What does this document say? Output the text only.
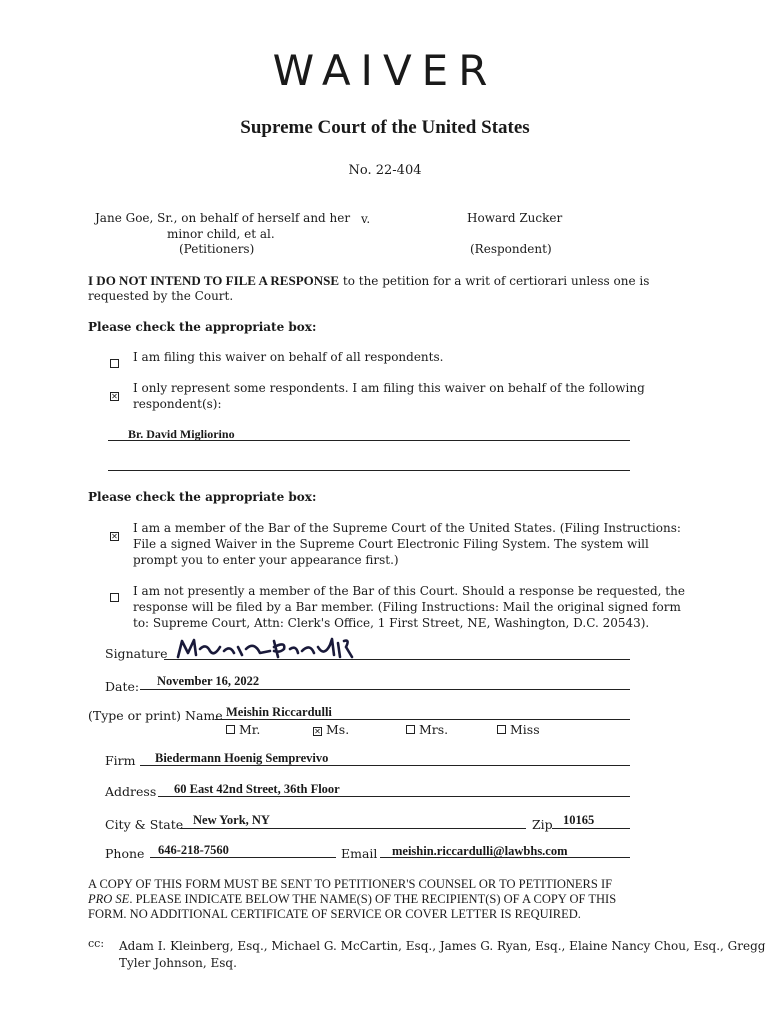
WAIVER
Supreme Court of the United States
No. 22-404
Jane Goe, Sr., on behalf of herself and her
minor child, et al.
(Petitioners)
v.	Howard Zucker
(Respondent)
I DO NOT INTEND TO FILE A RESPONSE to the petition for a writ of certiorari unless one is
requested by the Court.
Please check the appropriate box:
I am filing this waiver on behalf of all respondents.
✕
I only represent some respondents. I am filing this waiver on behalf of the following
respondent(s):
Br. David Migliorino
Please check the appropriate box:
✕
I am a member of the Bar of the Supreme Court of the United States. (Filing Instructions:
File a signed Waiver in the Supreme Court Electronic Filing System. The system will
prompt you to enter your appearance first.)
I am not presently a member of the Bar of this Court. Should a response be requested, the
response will be filed by a Bar member. (Filing Instructions: Mail the original signed form
to: Supreme Court, Attn: Clerk's Office, 1 First Street, NE, Washington, D.C. 20543).
Signature
Date: November 16, 2022
(Type or print) Name Meishin Riccardulli
Mr.	✕ Ms.	Mrs.	Miss
Firm Biedermann Hoenig Semprevivo
Address 60 East 42nd Street, 36th Floor
City & State New York, NY	Zip 10165
Phone 646-218-7560	Email meishin.riccardulli@lawbhs.com
A COPY OF THIS FORM MUST BE SENT TO PETITIONER'S COUNSEL OR TO PETITIONERS IF
PRO SE. PLEASE INDICATE BELOW THE NAME(S) OF THE RECIPIENT(S) OF A COPY OF THIS
FORM. NO ADDITIONAL CERTIFICATE OF SERVICE OR COVER LETTER IS REQUIRED.
cc: Adam I. Kleinberg, Esq., Michael G. McCartin, Esq., James G. Ryan, Esq., Elaine Nancy Chou, Esq., Gregg
Tyler Johnson, Esq.
